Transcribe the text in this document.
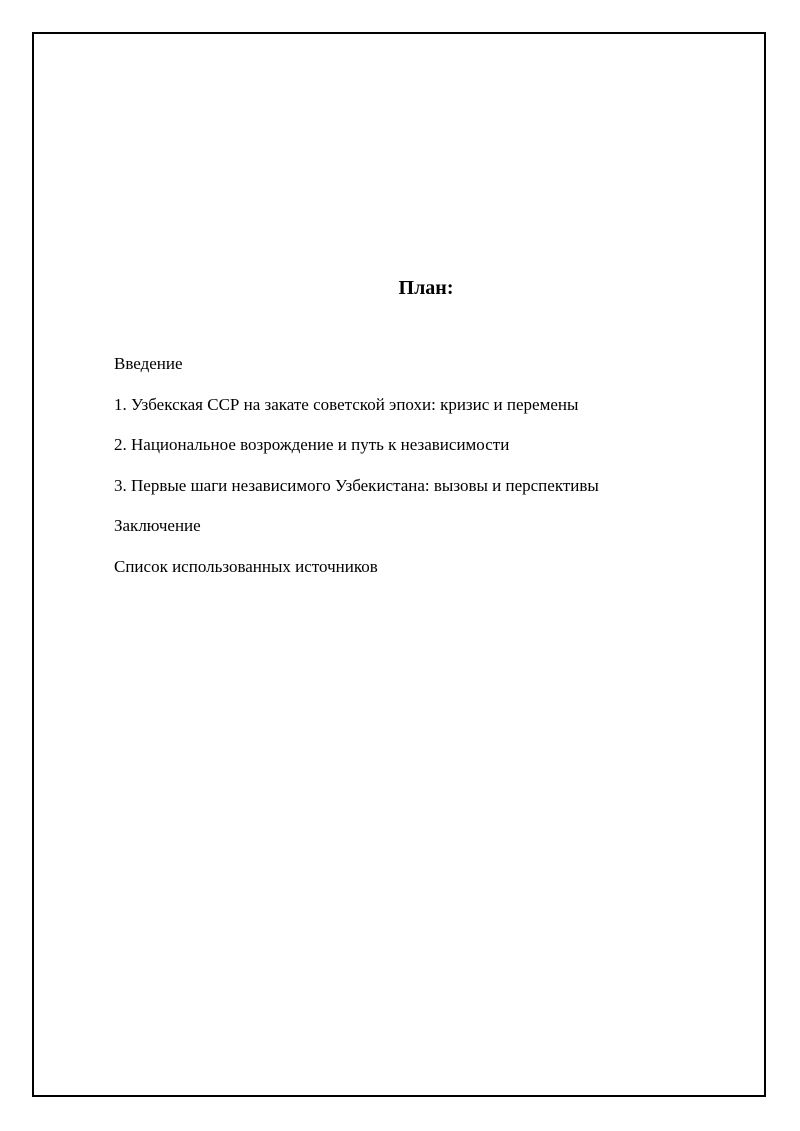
План:
Введение
1. Узбекская ССР на закате советской эпохи: кризис и перемены
2. Национальное возрождение и путь к независимости
3. Первые шаги независимого Узбекистана: вызовы и перспективы
Заключение
Список использованных источников
